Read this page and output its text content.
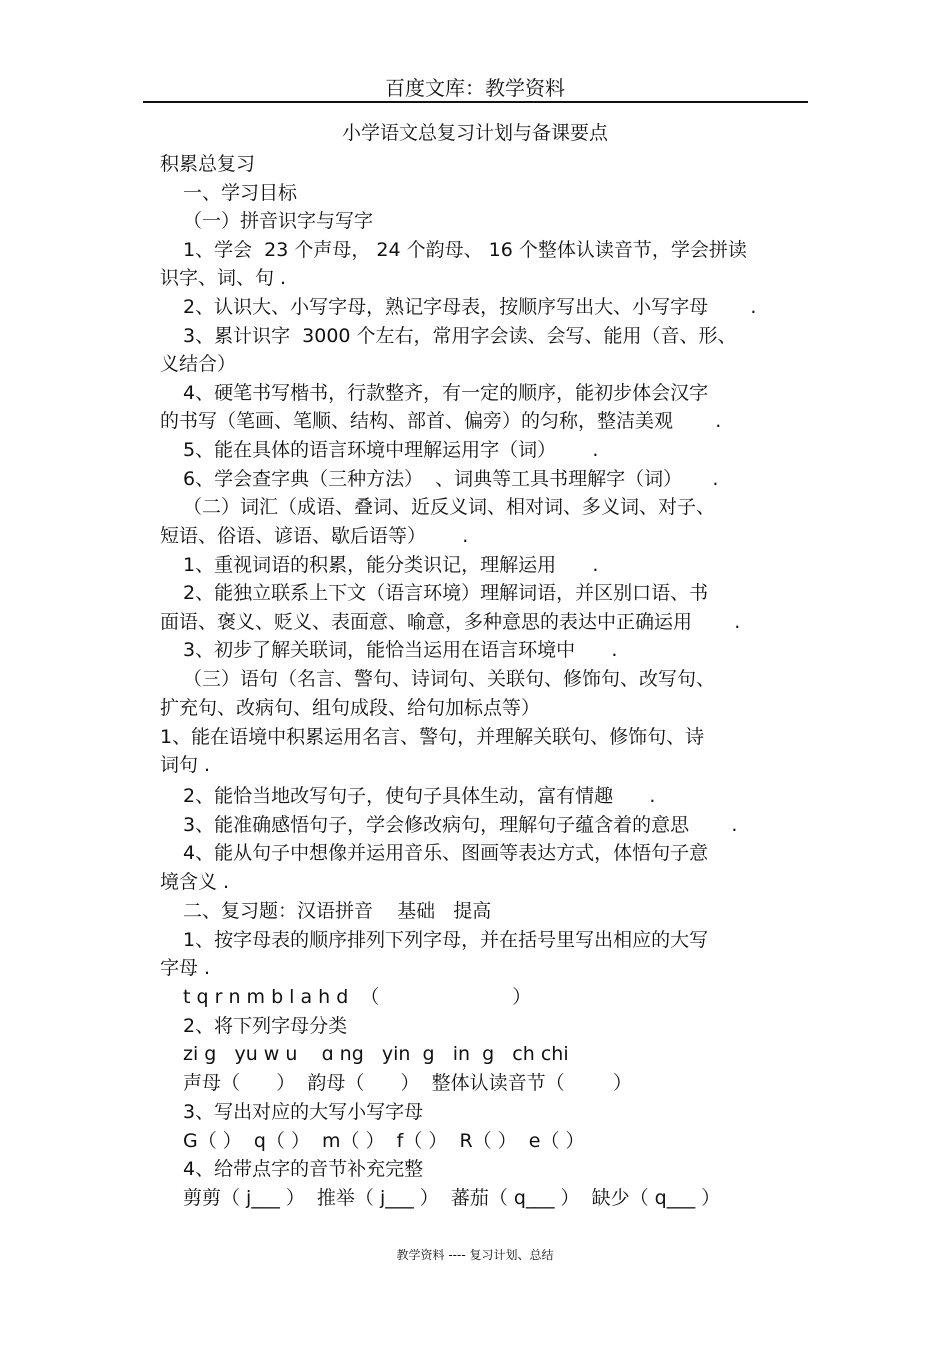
百度文库：教学资料
小学语文总复习计划与备课要点
积累总复习
一、学习目标
（一）拼音识字与写字
1、学会  23 个声母， 24 个韵母、 16 个整体认读音节，学会拼读
识字、词、句 .
2、认识大、小写字母，熟记字母表，按顺序写出大、小写字母       .
3、累计识字  3000 个左右，常用字会读、会写、能用（音、形、
义结合）
4、硬笔书写楷书，行款整齐，有一定的顺序，能初步体会汉字
的书写（笔画、笔顺、结构、部首、偏旁）的匀称，整洁美观       .
5、能在具体的语言环境中理解运用字（词）      .
6、学会查字典（三种方法）  、词典等工具书理解字（词）     .
（二）词汇（成语、叠词、近反义词、相对词、多义词、对子、
短语、俗语、谚语、歇后语等）      .
1、重视词语的积累，能分类识记，理解运用      .
2、能独立联系上下文（语言环境）理解词语，并区别口语、书
面语、褒义、贬义、表面意、喻意，多种意思的表达中正确运用       .
3、初步了解关联词，能恰当运用在语言环境中      .
（三）语句（名言、警句、诗词句、关联句、修饰句、改写句、
扩充句、改病句、组句成段、给句加标点等）
1、能在语境中积累运用名言、警句，并理解关联句、修饰句、诗
词句 .
2、能恰当地改写句子，使句子具体生动，富有情趣      .
3、能准确感悟句子，学会修改病句，理解句子蕴含着的意思       .
4、能从句子中想像并运用音乐、图画等表达方式，体悟句子意
境含义 .
二、复习题：汉语拼音    基础   提高
1、按字母表的顺序排列下列字母，并在括号里写出相应的大写
字母 .
t q r n m b l a h d  （                      ）
2、将下列字母分类
zi g   yu w u    ɑ ng   yin  g   in  g   ch chi
声母（      ）  韵母（      ）  整体认读音节（        ）
3、写出对应的大写小写字母
G（ ）  q（ ）  m（ ）  f（ ）  R（ ）  e（ ）
4、给带点字的音节补充完整
剪剪（ j___ ）  推举（ j___ ）  蕃茄（ q___ ）  缺少（ q___ ）
教学资料 ---- 复习计划、总结
